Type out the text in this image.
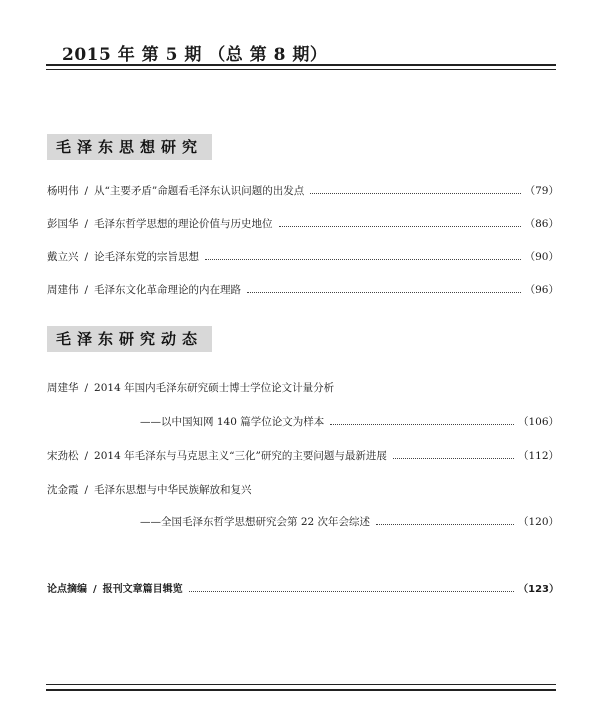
2015 年 第 5 期 （总 第 8 期）
毛泽东思想研究
杨明伟 / 从“主要矛盾”命题看毛泽东认识问题的出发点	（79）
彭国华 / 毛泽东哲学思想的理论价值与历史地位	（86）
戴立兴 / 论毛泽东党的宗旨思想	（90）
周建伟 / 毛泽东文化革命理论的内在理路	（96）
毛泽东研究动态
周建华 / 2014 年国内毛泽东研究硕士博士学位论文计量分析
——以中国知网 140 篇学位论文为样本	（106）
宋劲松 / 2014 年毛泽东与马克思主义“三化”研究的主要问题与最新进展	（112）
沈金霞 / 毛泽东思想与中华民族解放和复兴
——全国毛泽东哲学思想研究会第 22 次年会综述	（120）
论点摘编 / 报刊文章篇目辑览	（123）
